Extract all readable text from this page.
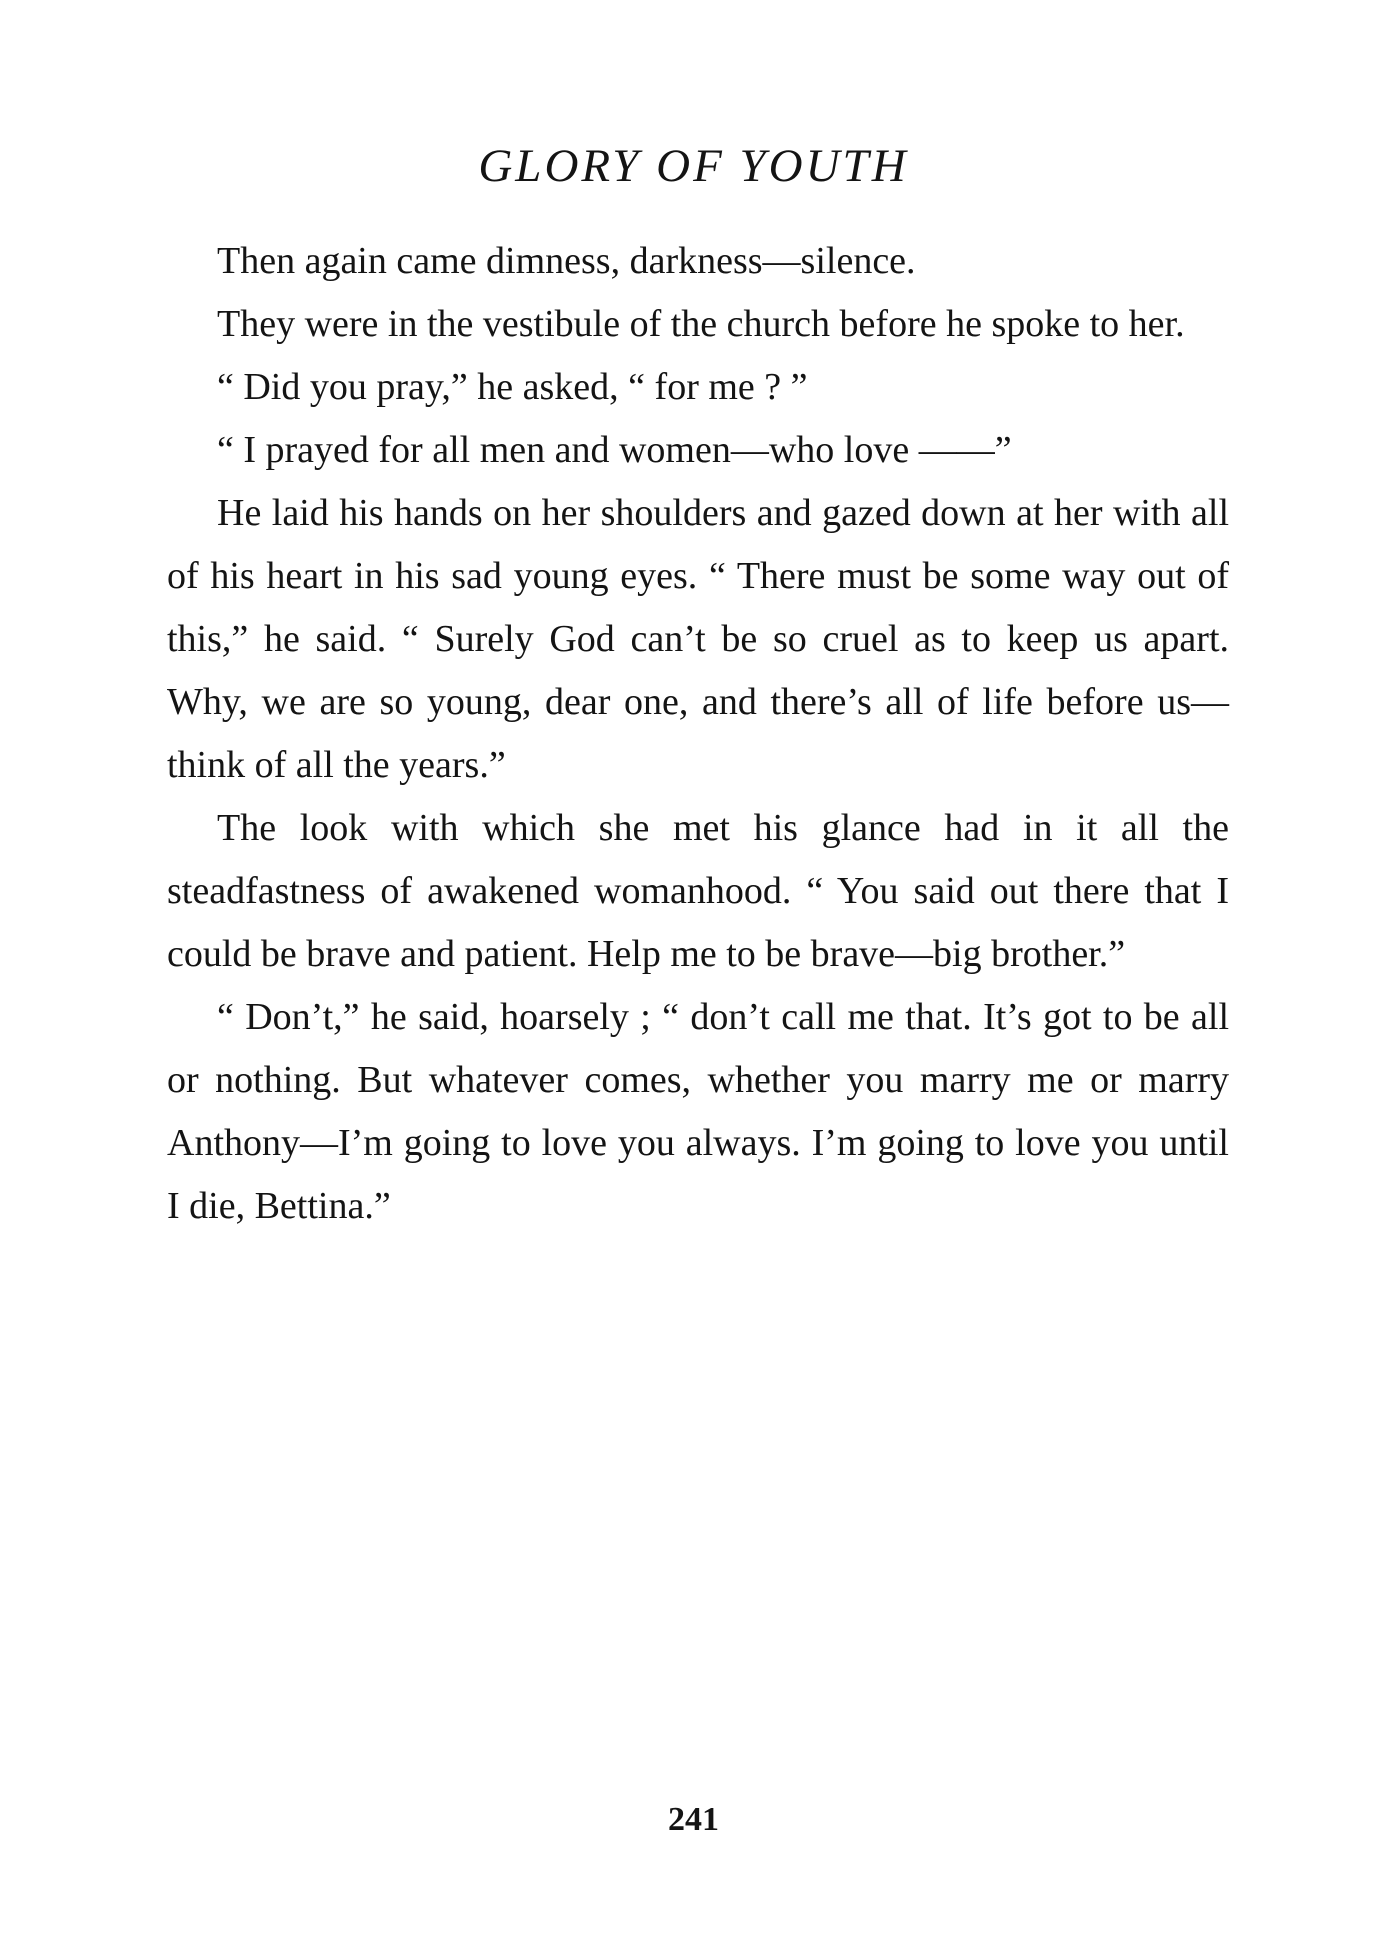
GLORY OF YOUTH

Then again came dimness, darkness—silence.

They were in the vestibule of the church before he spoke to her.

“ Did you pray,” he asked, “ for me ? ”

“ I prayed for all men and women—who love ——”

He laid his hands on her shoulders and gazed down at her with all of his heart in his sad young eyes. “ There must be some way out of this,” he said. “ Surely God can’t be so cruel as to keep us apart. Why, we are so young, dear one, and there’s all of life before us—think of all the years.”

The look with which she met his glance had in it all the steadfastness of awakened womanhood. “ You said out there that I could be brave and patient. Help me to be brave—big brother.”

“ Don’t,” he said, hoarsely ; “ don’t call me that. It’s got to be all or nothing. But whatever comes, whether you marry me or marry Anthony—I’m going to love you always. I’m going to love you until I die, Bettina.”

241
